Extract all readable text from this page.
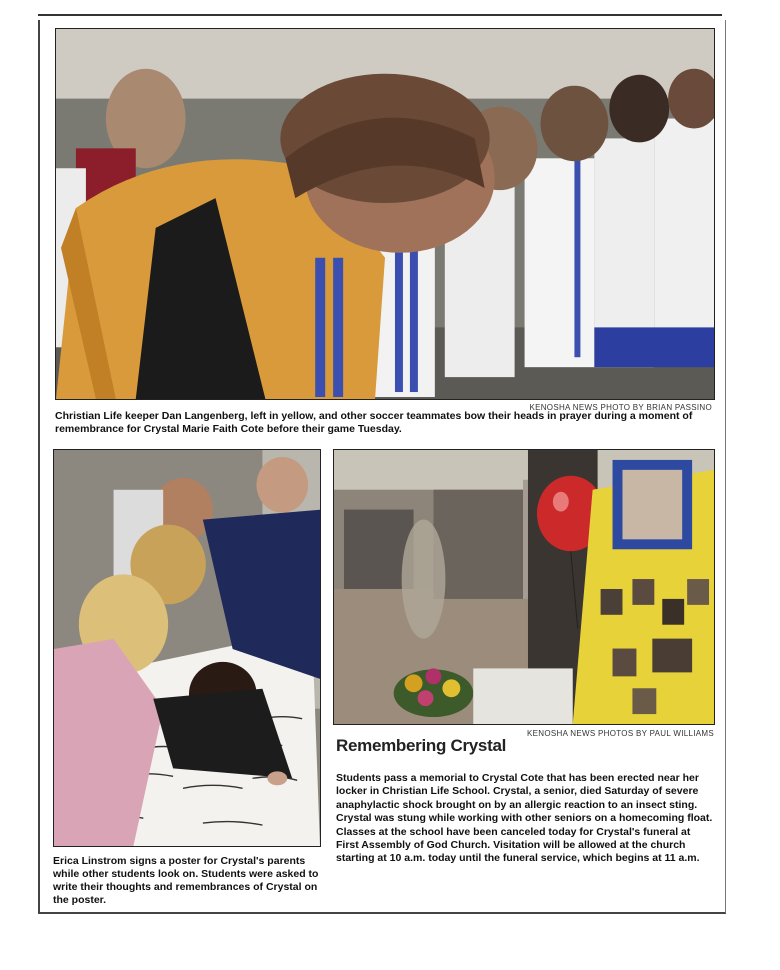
KENOSHA NEWS PHOTO BY BRIAN PASSINO
Christian Life keeper Dan Langenberg, left in yellow, and other soccer teammates bow their heads in prayer during a moment of remembrance for Crystal Marie Faith Cote before their game Tuesday.
Erica Linstrom signs a poster for Crystal's parents while other students look on. Students were asked to write their thoughts and remembrances of Crystal on the poster.
KENOSHA NEWS PHOTOS BY PAUL WILLIAMS
Remembering Crystal
Students pass a memorial to Crystal Cote that has been erected near her locker in Christian Life School. Crystal, a senior, died Saturday of severe anaphylactic shock brought on by an allergic reaction to an insect sting. Crystal was stung while working with other seniors on a homecoming float. Classes at the school have been canceled today for Crystal's funeral at First Assembly of God Church. Visitation will be allowed at the church starting at 10 a.m. today until the funeral service, which begins at 11 a.m.
